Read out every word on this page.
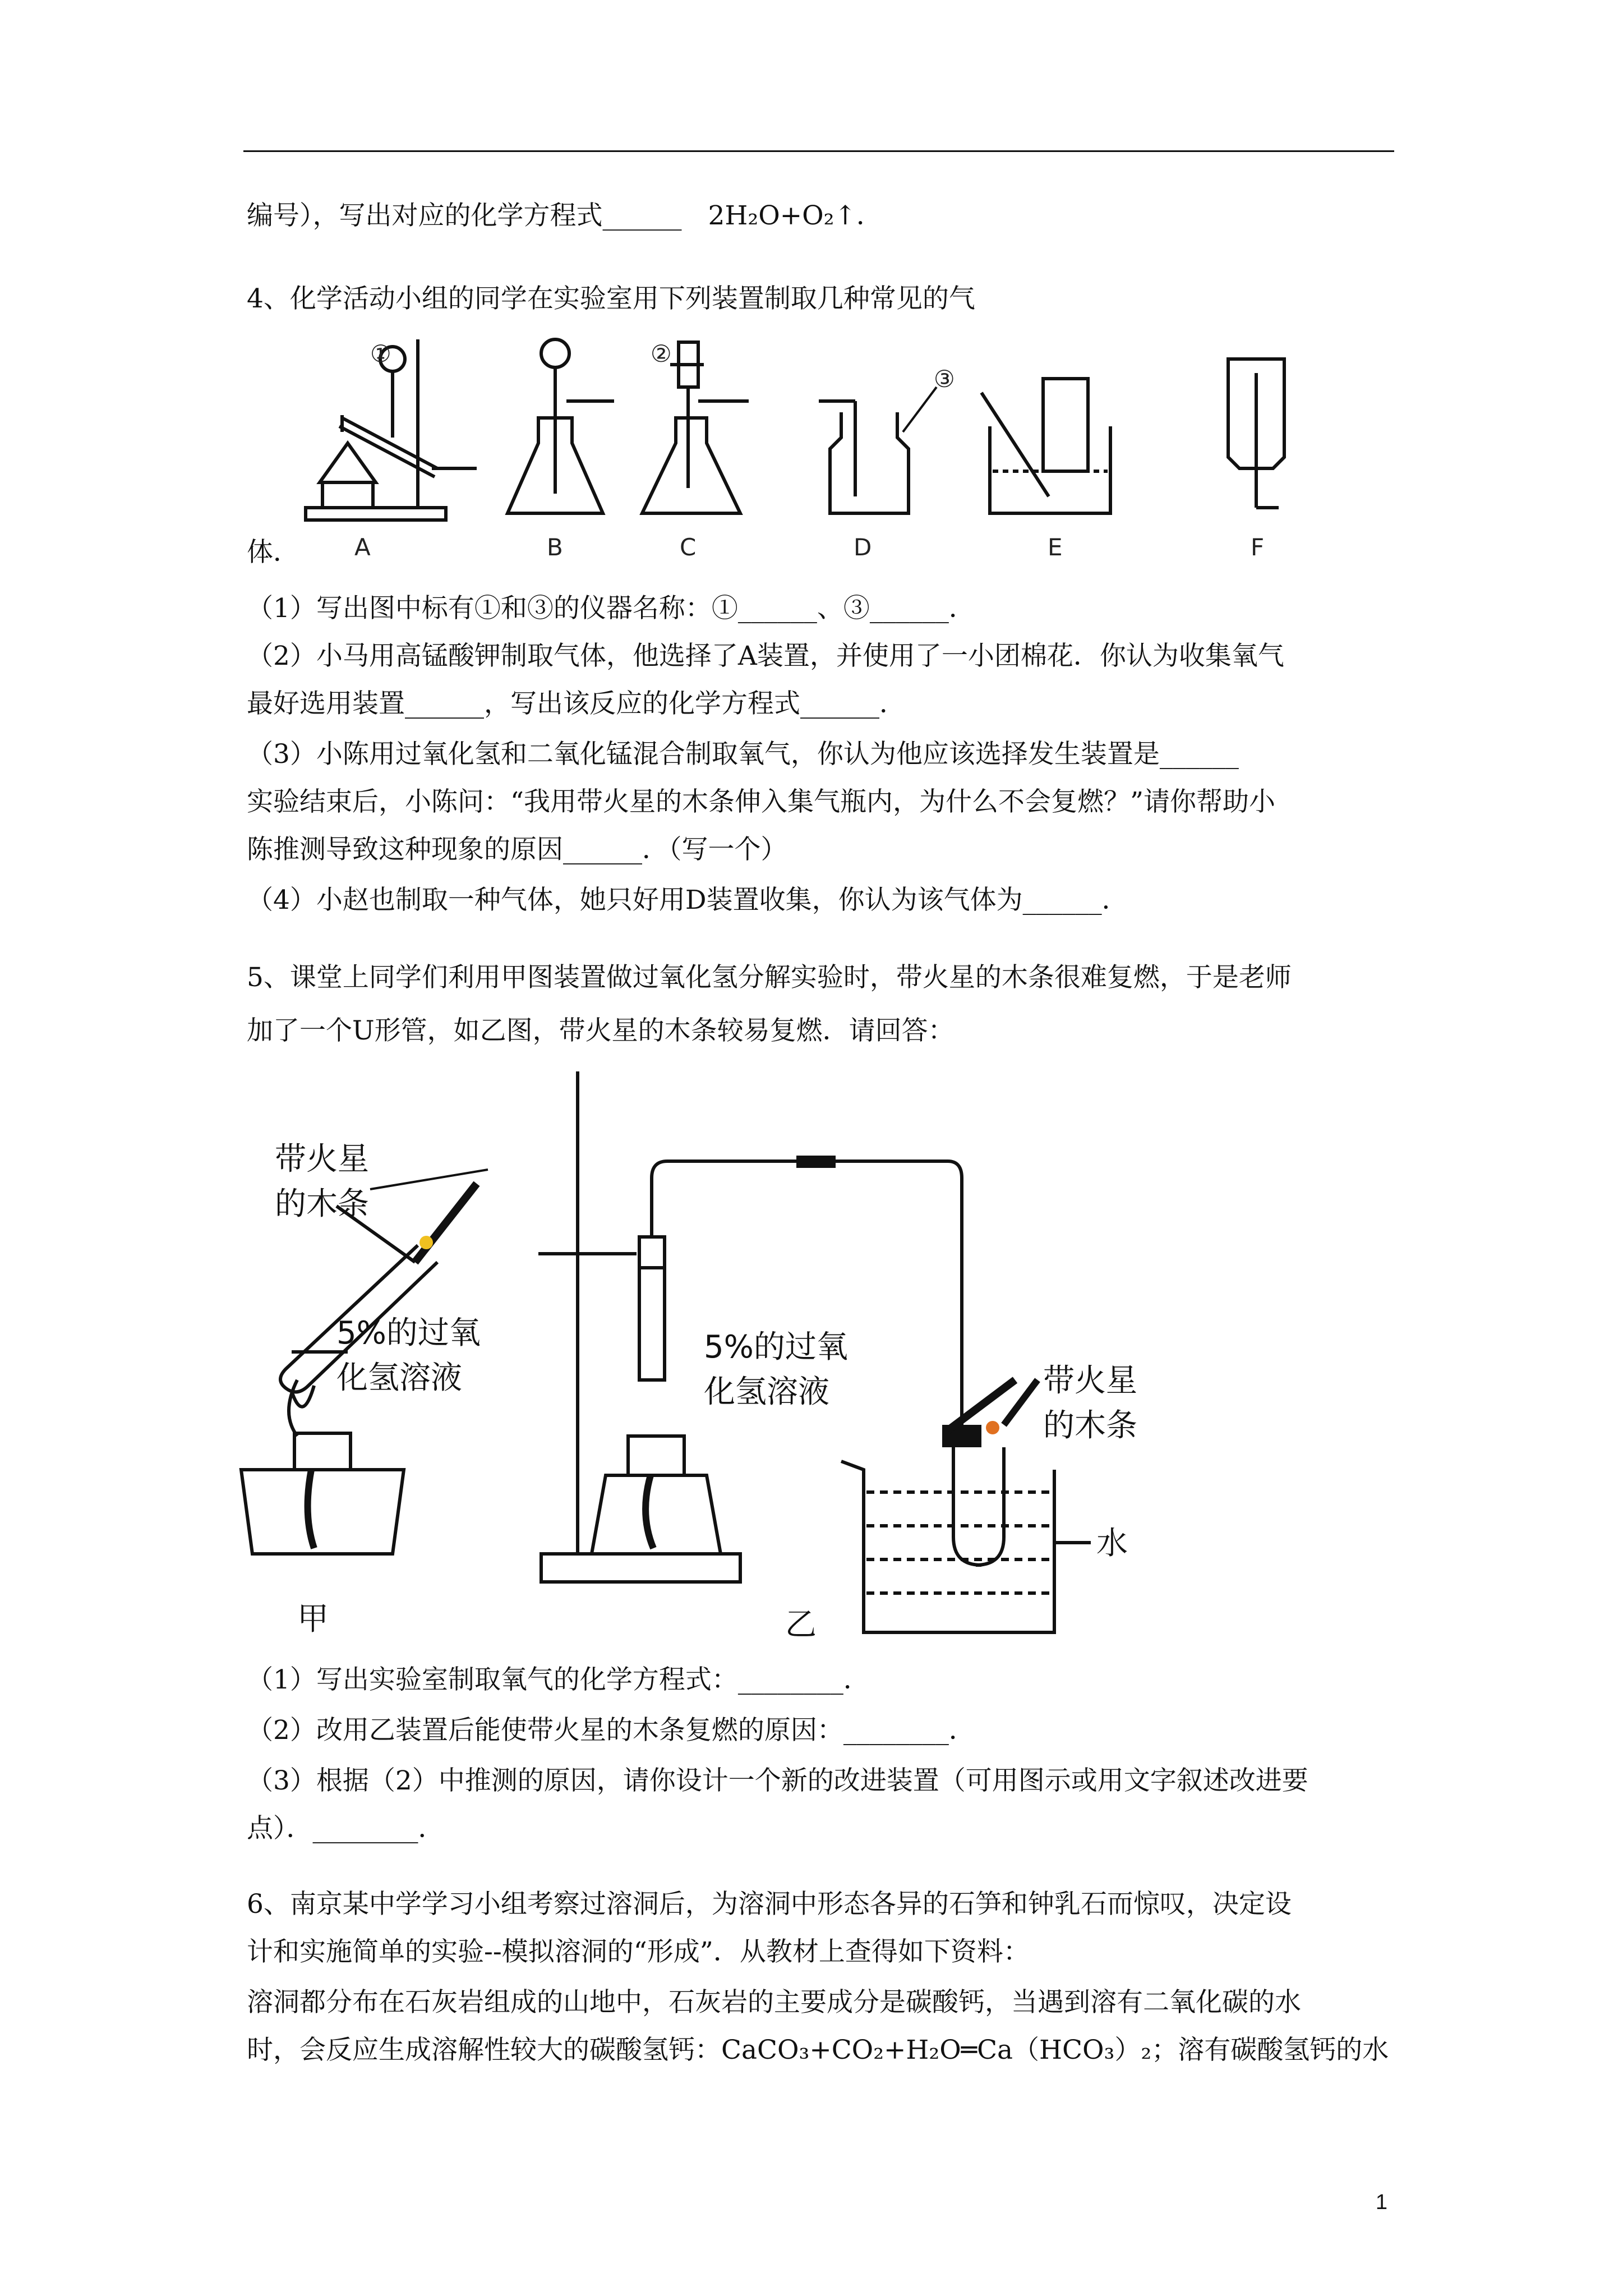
编号），写出对应的化学方程式______　2H₂O+O₂↑．
4、化学活动小组的同学在实验室用下列装置制取几种常见的气
①	②
③
A	B	C	D	E	F
体．
（1）写出图中标有①和③的仪器名称：①______、③______．
（2）小马用高锰酸钾制取气体，他选择了A装置，并使用了一小团棉花．你认为收集氧气
最好选用装置______，写出该反应的化学方程式______．
（3）小陈用过氧化氢和二氧化锰混合制取氧气，你认为他应该选择发生装置是______
实验结束后，小陈问：“我用带火星的木条伸入集气瓶内，为什么不会复燃？”请你帮助小
陈推测导致这种现象的原因______．（写一个）
（4）小赵也制取一种气体，她只好用D装置收集，你认为该气体为______．
5、课堂上同学们利用甲图装置做过氧化氢分解实验时，带火星的木条很难复燃，于是老师
加了一个U形管，如乙图，带火星的木条较易复燃．请回答：
带火星
的木条
5%的过氧
化氢溶液
5%的过氧
化氢溶液	带火星
的木条
水
甲	乙
（1）写出实验室制取氧气的化学方程式：________．
（2）改用乙装置后能使带火星的木条复燃的原因：________．
（3）根据（2）中推测的原因，请你设计一个新的改进装置（可用图示或用文字叙述改进要
点）．________．
6、南京某中学学习小组考察过溶洞后，为溶洞中形态各异的石笋和钟乳石而惊叹，决定设
计和实施简单的实验--模拟溶洞的“形成”．从教材上查得如下资料：
溶洞都分布在石灰岩组成的山地中，石灰岩的主要成分是碳酸钙，当遇到溶有二氧化碳的水
时，会反应生成溶解性较大的碳酸氢钙：CaCO₃+CO₂+H₂O═Ca（HCO₃）₂；溶有碳酸氢钙的水
1
